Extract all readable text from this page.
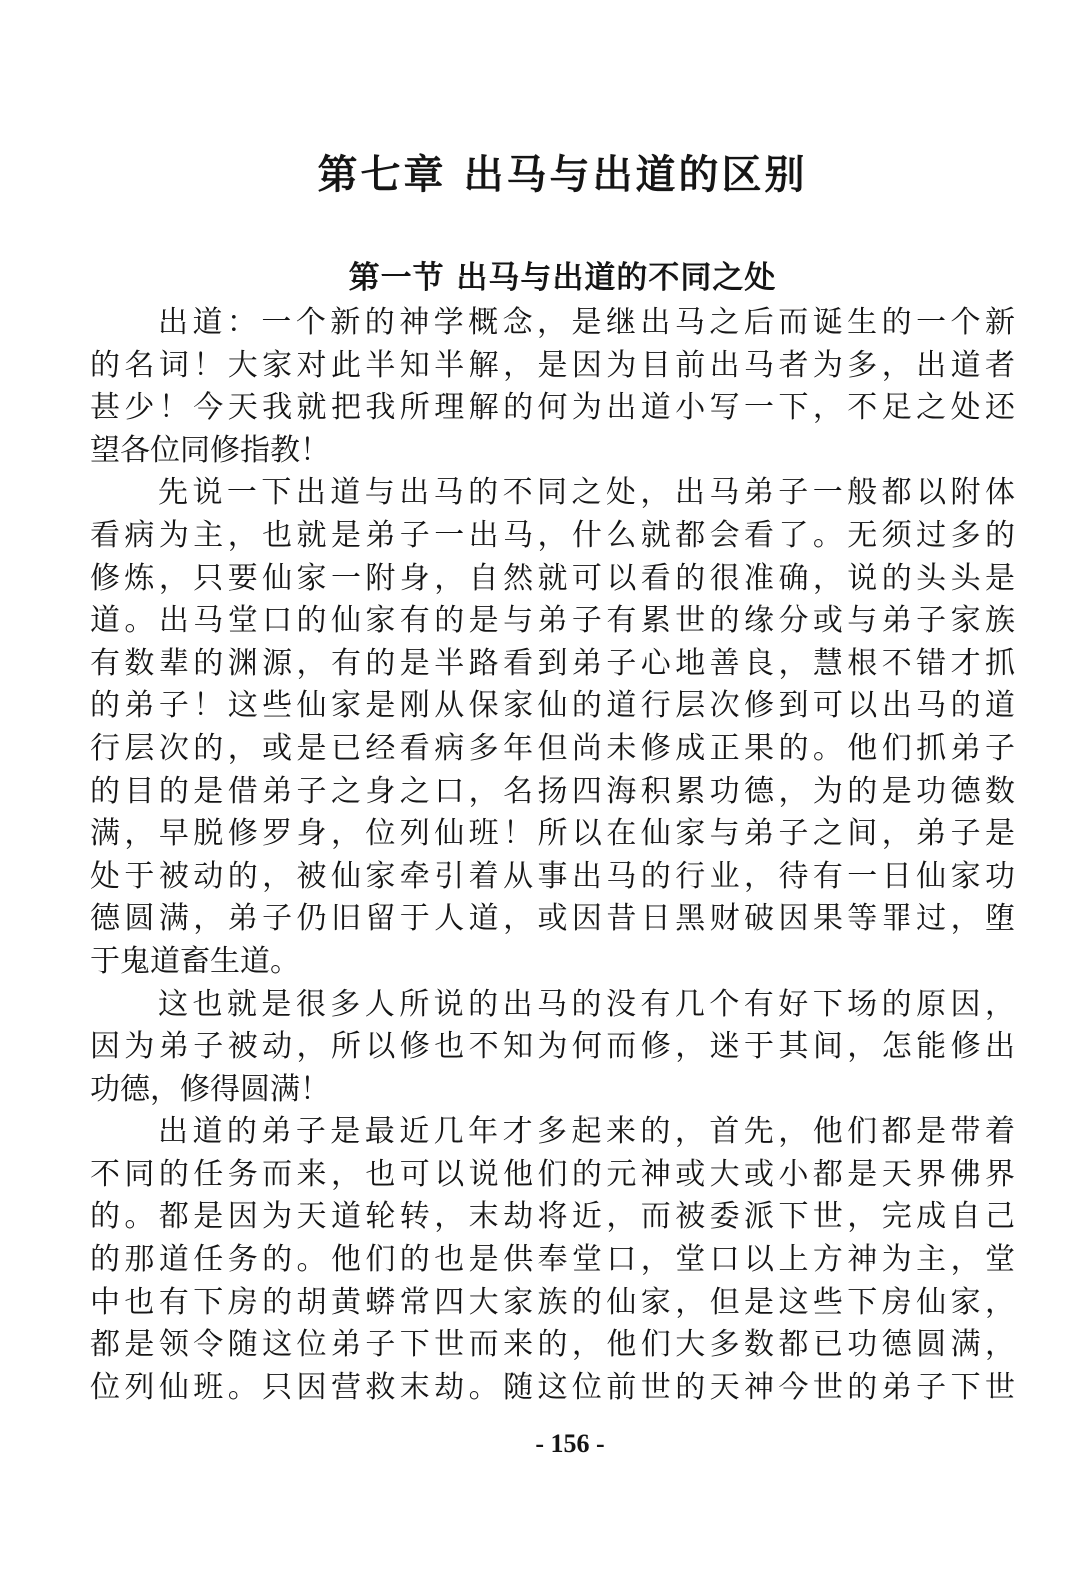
第七章 出马与出道的区别
第一节 出马与出道的不同之处
出道：一个新的神学概念，是继出马之后而诞生的一个新
的名词！大家对此半知半解，是因为目前出马者为多，出道者
甚少！今天我就把我所理解的何为出道小写一下，不足之处还
望各位同修指教！
先说一下出道与出马的不同之处，出马弟子一般都以附体
看病为主，也就是弟子一出马，什么就都会看了。无须过多的
修炼，只要仙家一附身，自然就可以看的很准确，说的头头是
道。出马堂口的仙家有的是与弟子有累世的缘分或与弟子家族
有数辈的渊源，有的是半路看到弟子心地善良，慧根不错才抓
的弟子！这些仙家是刚从保家仙的道行层次修到可以出马的道
行层次的，或是已经看病多年但尚未修成正果的。他们抓弟子
的目的是借弟子之身之口，名扬四海积累功德，为的是功德数
满，早脱修罗身，位列仙班！所以在仙家与弟子之间，弟子是
处于被动的，被仙家牵引着从事出马的行业，待有一日仙家功
德圆满，弟子仍旧留于人道，或因昔日黑财破因果等罪过，堕
于鬼道畜生道。
这也就是很多人所说的出马的没有几个有好下场的原因，
因为弟子被动，所以修也不知为何而修，迷于其间，怎能修出
功德，修得圆满！
出道的弟子是最近几年才多起来的，首先，他们都是带着
不同的任务而来，也可以说他们的元神或大或小都是天界佛界
的。都是因为天道轮转，末劫将近，而被委派下世，完成自己
的那道任务的。他们的也是供奉堂口，堂口以上方神为主，堂
中也有下房的胡黄蟒常四大家族的仙家，但是这些下房仙家，
都是领令随这位弟子下世而来的，他们大多数都已功德圆满，
位列仙班。只因营救末劫。随这位前世的天神今世的弟子下世
- 156 -
